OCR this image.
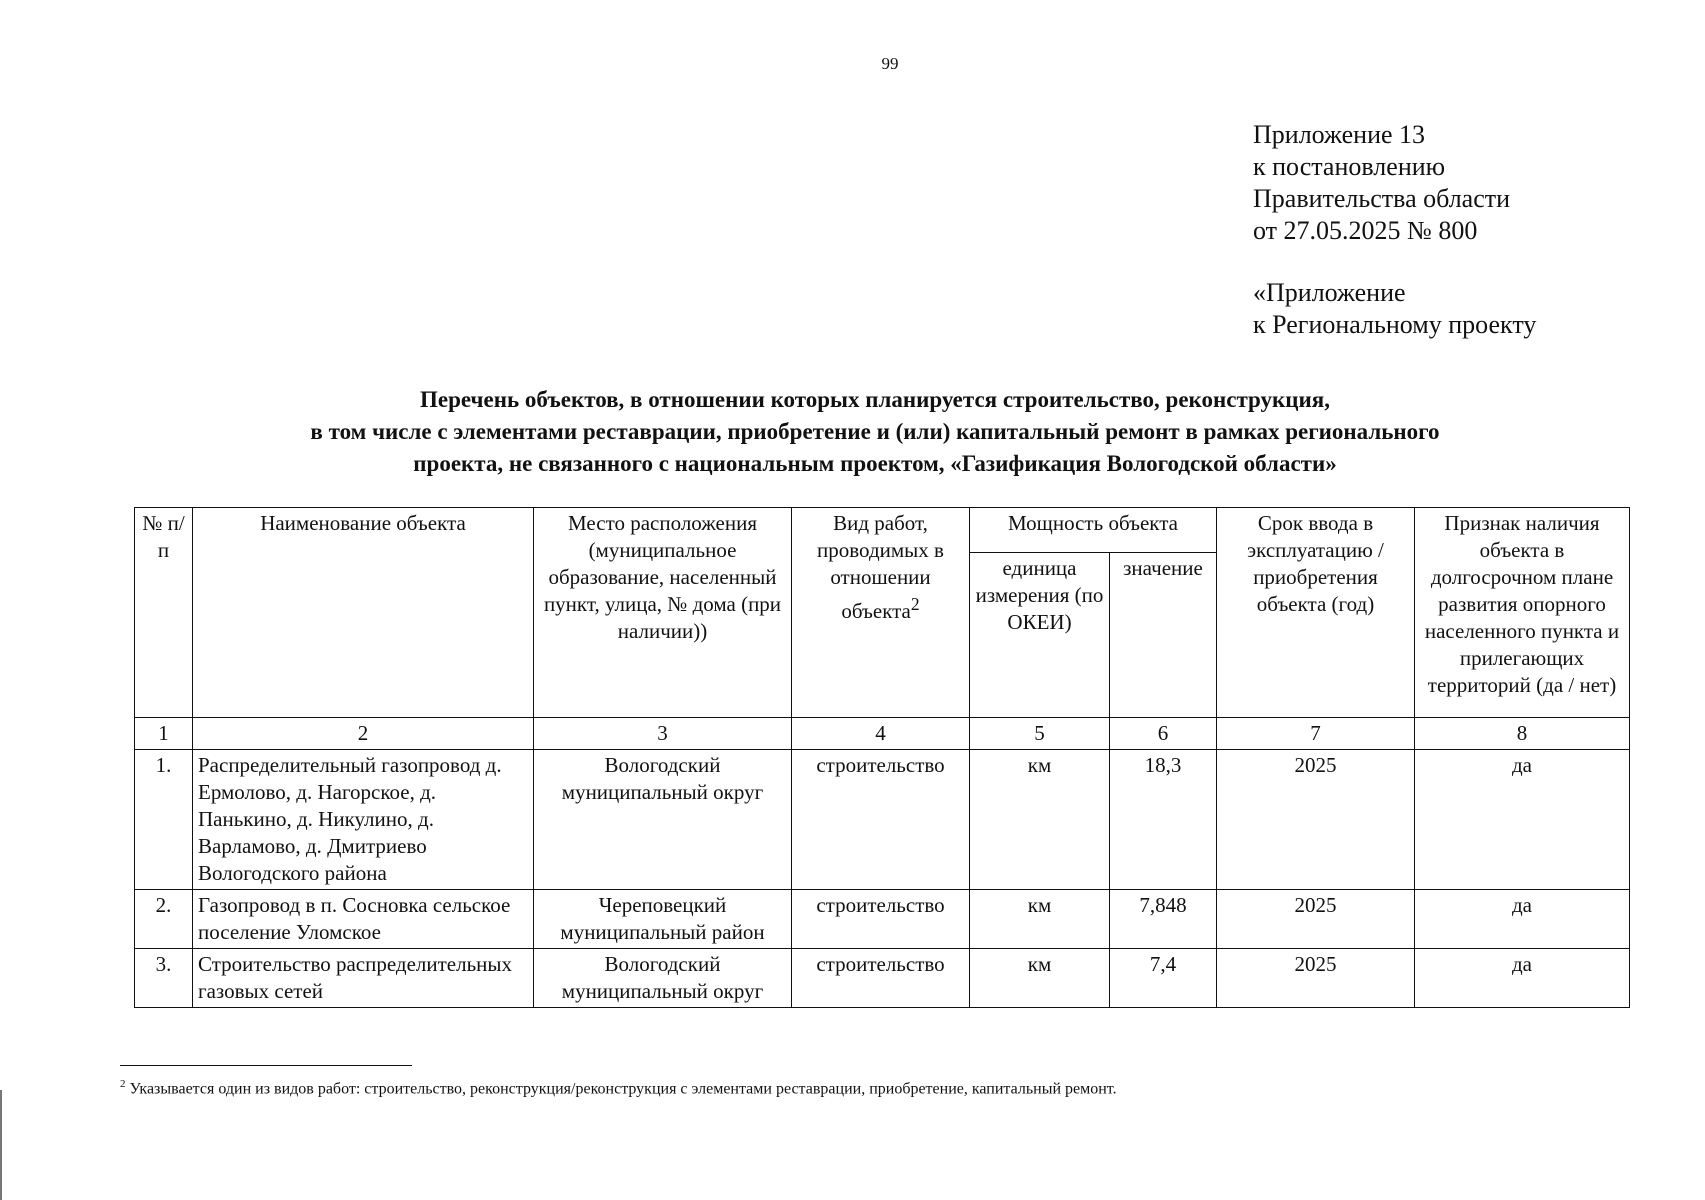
99
Приложение 13
к постановлению
Правительства области
от 27.05.2025 № 800
«Приложение
к Региональному проекту
Перечень объектов, в отношении которых планируется строительство, реконструкция,
в том числе с элементами реставрации, приобретение и (или) капитальный ремонт в рамках регионального
проекта, не связанного с национальным проектом, «Газификация Вологодской области»
№ п/п	Наименование объекта	Место расположения (муниципальное образование, населенный пункт, улица, № дома (при наличии))	Вид работ, проводимых в отношении объекта$^2$	Мощность объекта		Срок ввода в эксплуатацию /приобретения объекта (год)	Признак наличия объекта в долгосрочном плане развития опорного населенного пункта и прилегающих территорий (да / нет)
				единица измерения (по ОКЕИ)	значение		
1	2	3	4	5	6	7	8
1.	Распределительный газопровод д. Ермолово, д. Нагорское, д. Панькино, д. Никулино, д. Варламово, д. Дмитриево Вологодского района	Вологодский муниципальный округ	строительство	км	18,3	2025	да
2.	Газопровод в п. Сосновка сельское поселение Уломское	Череповецкий муниципальный район	строительство	км	7,848	2025	да
3.	Строительство распределительных газовых сетей	Вологодский муниципальный округ	строительство	км	7,4	2025	да
$^2$ Указывается один из видов работ: строительство, реконструкция/реконструкция с элементами реставрации, приобретение, капитальный ремонт.
